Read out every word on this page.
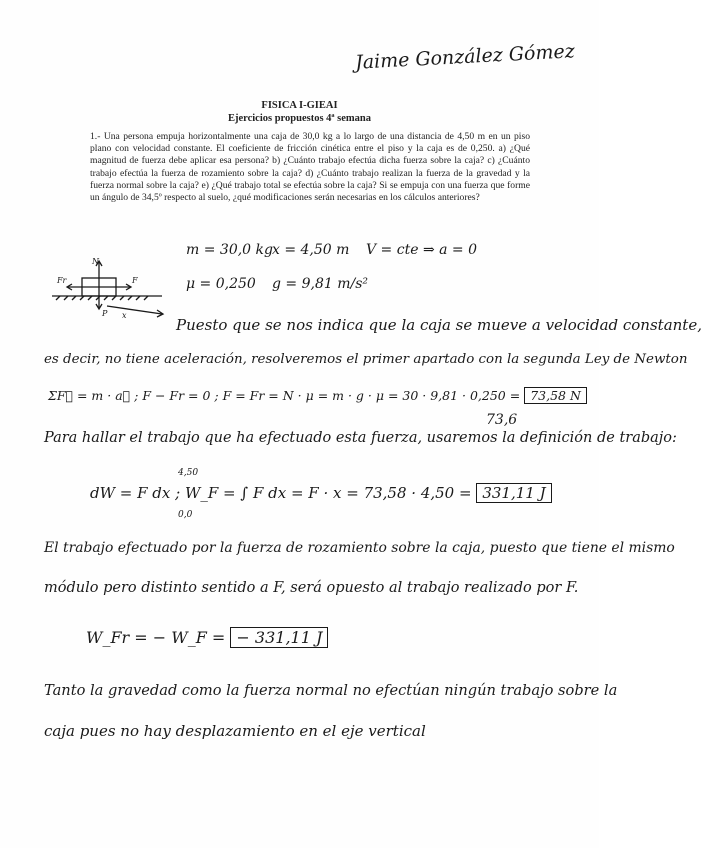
Jaime González Gómez
FISICA I-GIEAI
Ejercicios propuestos 4ª semana
1.- Una persona empuja horizontalmente una caja de 30,0 kg a lo largo de una distancia de 4,50 m en un piso plano con velocidad constante. El coeficiente de fricción cinética entre el piso y la caja es de 0,250. a) ¿Qué magnitud de fuerza debe aplicar esa persona? b) ¿Cuánto trabajo efectúa dicha fuerza sobre la caja? c) ¿Cuánto trabajo efectúa la fuerza de rozamiento sobre la caja? d) ¿Cuánto trabajo realizan la fuerza de la gravedad y la fuerza normal sobre la caja? e) ¿Qué trabajo total se efectúa sobre la caja? Si se empuja con una fuerza que forme un ángulo de 34,5º respecto al suelo, ¿qué modificaciones serán necesarias en los cálculos anteriores?
N
F
Fr
P x
m = 30,0 kg x = 4,50 m V = cte ⇒ a = 0
μ = 0,250 g = 9,81 m/s²
Puesto que se nos indica que la caja se mueve a velocidad constante,
es decir, no tiene aceleración, resolveremos el primer apartado con la segunda Ley de Newton
ΣF⃗ = m · a⃗ ; F − Fr = 0 ; F = Fr = N · μ = m · g · μ = 30 · 9,81 · 0,250 = 73,58 N
73,6
Para hallar el trabajo que ha efectuado esta fuerza, usaremos la definición de trabajo:
4,50
dW = F dx ; W_F = ∫ F dx = F · x = 73,58 · 4,50 = 331,11 J
0,0
El trabajo efectuado por la fuerza de rozamiento sobre la caja, puesto que tiene el mismo
módulo pero distinto sentido a F, será opuesto al trabajo realizado por F.
W_Fr = − W_F = − 331,11 J
Tanto la gravedad como la fuerza normal no efectúan ningún trabajo sobre la
caja pues no hay desplazamiento en el eje vertical
